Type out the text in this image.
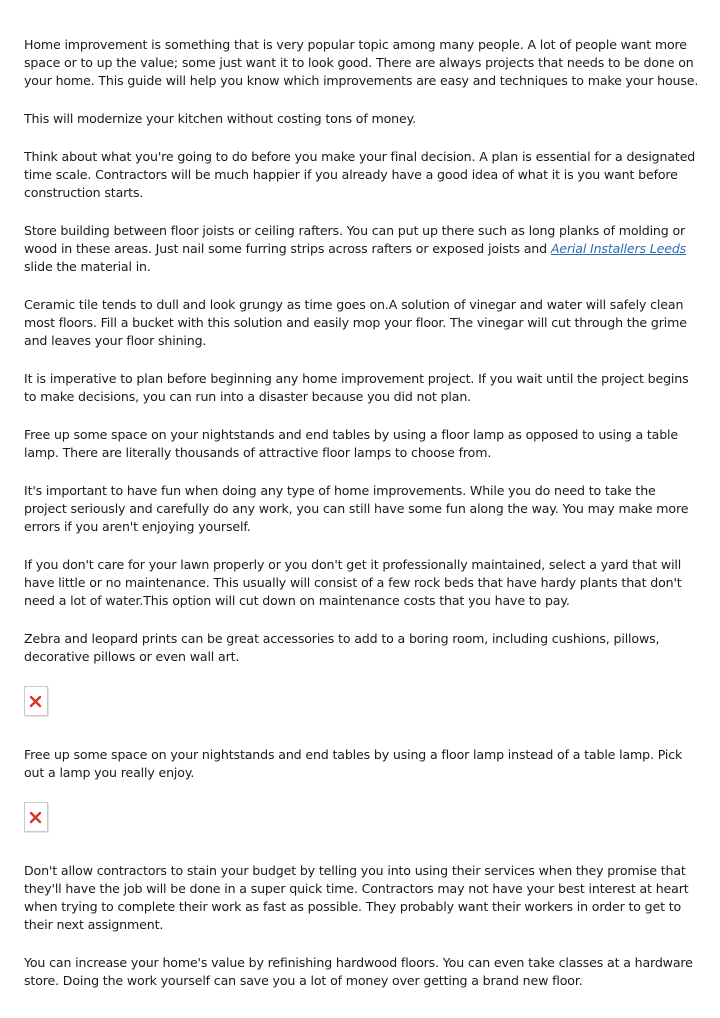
Home improvement is something that is very popular topic among many people. A lot of people want more space or to up the value; some just want it to look good. There are always projects that needs to be done on your home. This guide will help you know which improvements are easy and techniques to make your house.

This will modernize your kitchen without costing tons of money.

Think about what you're going to do before you make your final decision. A plan is essential for a designated time scale. Contractors will be much happier if you already have a good idea of what it is you want before construction starts.

Store building between floor joists or ceiling rafters. You can put up there such as long planks of molding or wood in these areas. Just nail some furring strips across rafters or exposed joists and Aerial Installers Leeds slide the material in.

Ceramic tile tends to dull and look grungy as time goes on.A solution of vinegar and water will safely clean most floors. Fill a bucket with this solution and easily mop your floor. The vinegar will cut through the grime and leaves your floor shining.

It is imperative to plan before beginning any home improvement project. If you wait until the project begins to make decisions, you can run into a disaster because you did not plan.

Free up some space on your nightstands and end tables by using a floor lamp as opposed to using a table lamp. There are literally thousands of attractive floor lamps to choose from.

It's important to have fun when doing any type of home improvements. While you do need to take the project seriously and carefully do any work, you can still have some fun along the way. You may make more errors if you aren't enjoying yourself.

If you don't care for your lawn properly or you don't get it professionally maintained, select a yard that will have little or no maintenance. This usually will consist of a few rock beds that have hardy plants that don't need a lot of water.This option will cut down on maintenance costs that you have to pay.

Zebra and leopard prints can be great accessories to add to a boring room, including cushions, pillows, decorative pillows or even wall art.

Free up some space on your nightstands and end tables by using a floor lamp instead of a table lamp. Pick out a lamp you really enjoy.

Don't allow contractors to stain your budget by telling you into using their services when they promise that they'll have the job will be done in a super quick time. Contractors may not have your best interest at heart when trying to complete their work as fast as possible. They probably want their workers in order to get to their next assignment.

You can increase your home's value by refinishing hardwood floors. You can even take classes at a hardware store. Doing the work yourself can save you a lot of money over getting a brand new floor.
